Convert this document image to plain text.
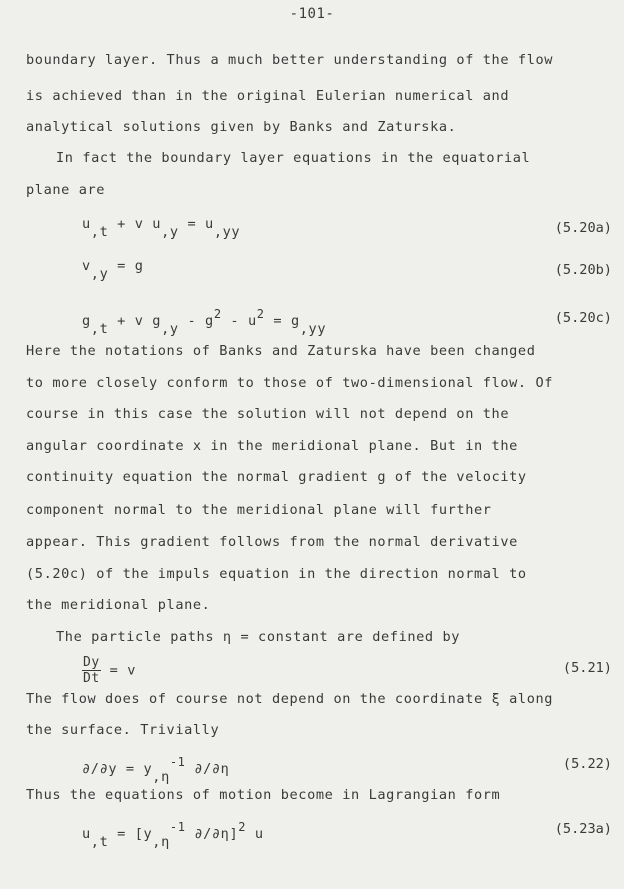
-101-
boundary layer. Thus a much better understanding of the flow
is achieved than in the original Eulerian numerical and
analytical solutions given by Banks and Zaturska.
In fact the boundary layer equations in the equatorial
plane are
$u_{,t} + v$ $u_{,y} = u_{,yy}$	(5.20a)
$v_{,y} = g$	(5.20b)
$g_{,t} + v$ $g_{,y} - g^2 - u^2 = g_{,yy}$
(5.20c)
Here the notations of Banks and Zaturska have been changed
to more closely conform to those of two-dimensional flow. Of
course in this case the solution will not depend on the
angular coordinate x in the meridional plane. But in the
continuity equation the normal gradient g of the velocity
component normal to the meridional plane will further
appear. This gradient follows from the normal derivative
(5.20c) of the impuls equation in the direction normal to
the meridional plane.
The particle paths η = constant are defined by
$\frac{Dy}{Dt} = v$	(5.21)
The flow does of course not depend on the coordinate ξ along
the surface. Trivially
$\partial/\partial y = y_{,\eta}^{-1}$ ∂/∂η	(5.22)
Thus the equations of motion become in Lagrangian form
$u_{,t} = [y_{,\eta}^{-1}$ ∂/∂η]$^2$ u	(5.23a)
